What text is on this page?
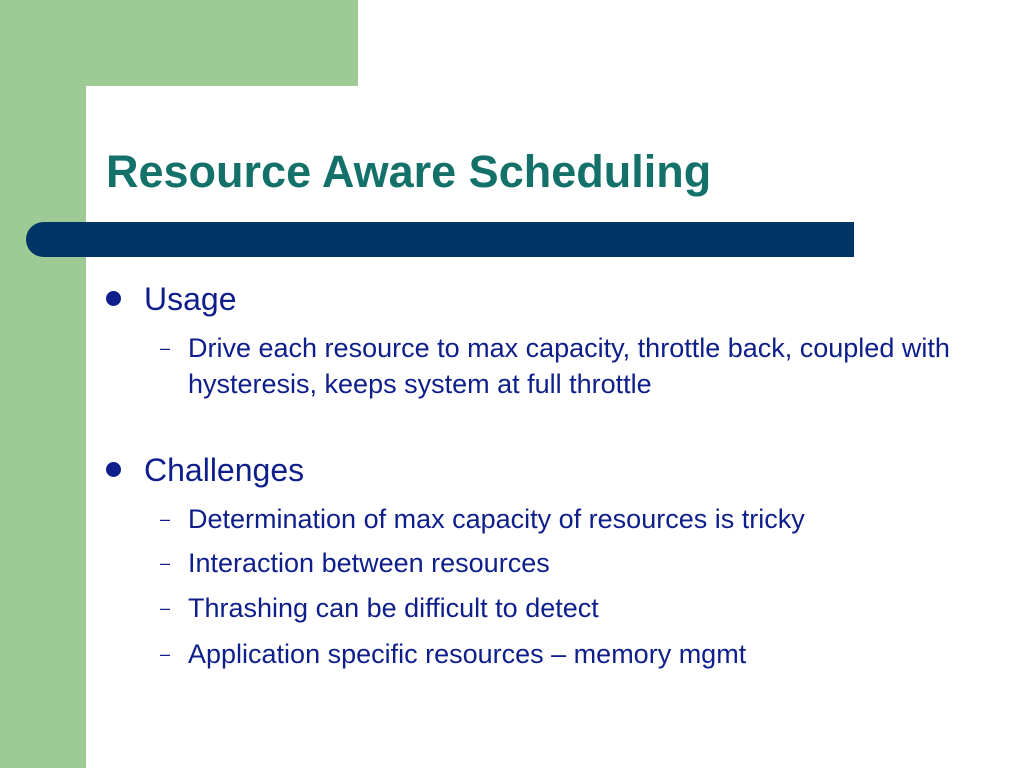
Resource Aware Scheduling
Usage
– Drive each resource to max capacity, throttle back, coupled with hysteresis, keeps system at full throttle
Challenges
– Determination of max capacity of resources is tricky
– Interaction between resources
– Thrashing can be difficult to detect
– Application specific resources – memory mgmt
